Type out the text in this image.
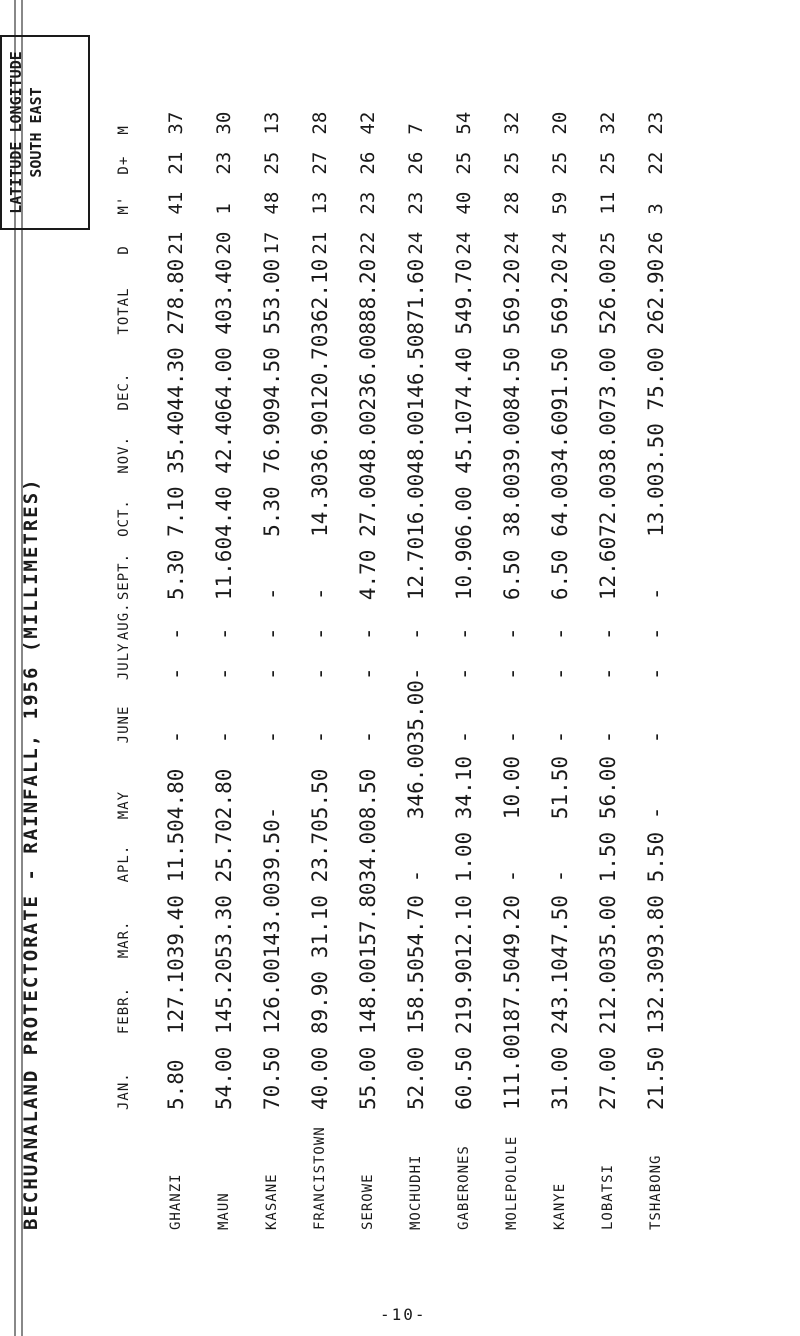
BECHUANALAND PROTECTORATE - RAINFALL, 1956 (MILLIMETRES)
LATITUDE LONGITUDE SOUTH EAST
	JAN.	FEBR.	MAR.	APL.	MAY	JUNE	JULY	AUG.	SEPT.	OCT.	NOV.	DEC.	TOTAL	D	M'	D+	M
GHANZI	5.80	127.10	39.40	11.50	4.80	-	-	-	5.30	7.10	35.40	44.30	278.80	21	41	21	37
MAUN	54.00	145.20	53.30	25.70	2.80	-	-	-	11.60	4.40	42.40	64.00	403.40	20	1	23	30
KASANE	70.50	126.00	143.00	39.50	-	-	-	-	-	5.30	76.90	94.50	553.00	17	48	25	13
FRANCISTOWN	40.00	89.90	31.10	23.70	5.50	-	-	-	-	14.30	36.90	120.70	362.10	21	13	27	28
SEROWE	55.00	148.00	157.80	34.00	8.50	-	-	-	4.70	27.00	48.00	236.00	888.20	22	23	26	42
MOCHUDHI	52.00	158.50	54.70	-	346.00	35.00	-	-	12.70	16.00	48.00	146.50	871.60	24	23	26	7
GABERONES	60.50	219.90	12.10	1.00	34.10	-	-	-	10.90	6.00	45.10	74.40	549.70	24	40	25	54
MOLEPOLOLE	111.00	187.50	49.20	-	10.00	-	-	-	6.50	38.00	39.00	84.50	569.20	24	28	25	32
KANYE	31.00	243.10	47.50	-	51.50	-	-	-	6.50	64.00	34.60	91.50	569.20	24	59	25	20
LOBATSI	27.00	212.00	35.00	1.50	56.00	-	-	-	12.60	72.00	38.00	73.00	526.00	25	11	25	32
TSHABONG	21.50	132.30	93.80	5.50	-	-	-	-	-	13.00	3.50	75.00	262.90	26	3	22	23
-10-
